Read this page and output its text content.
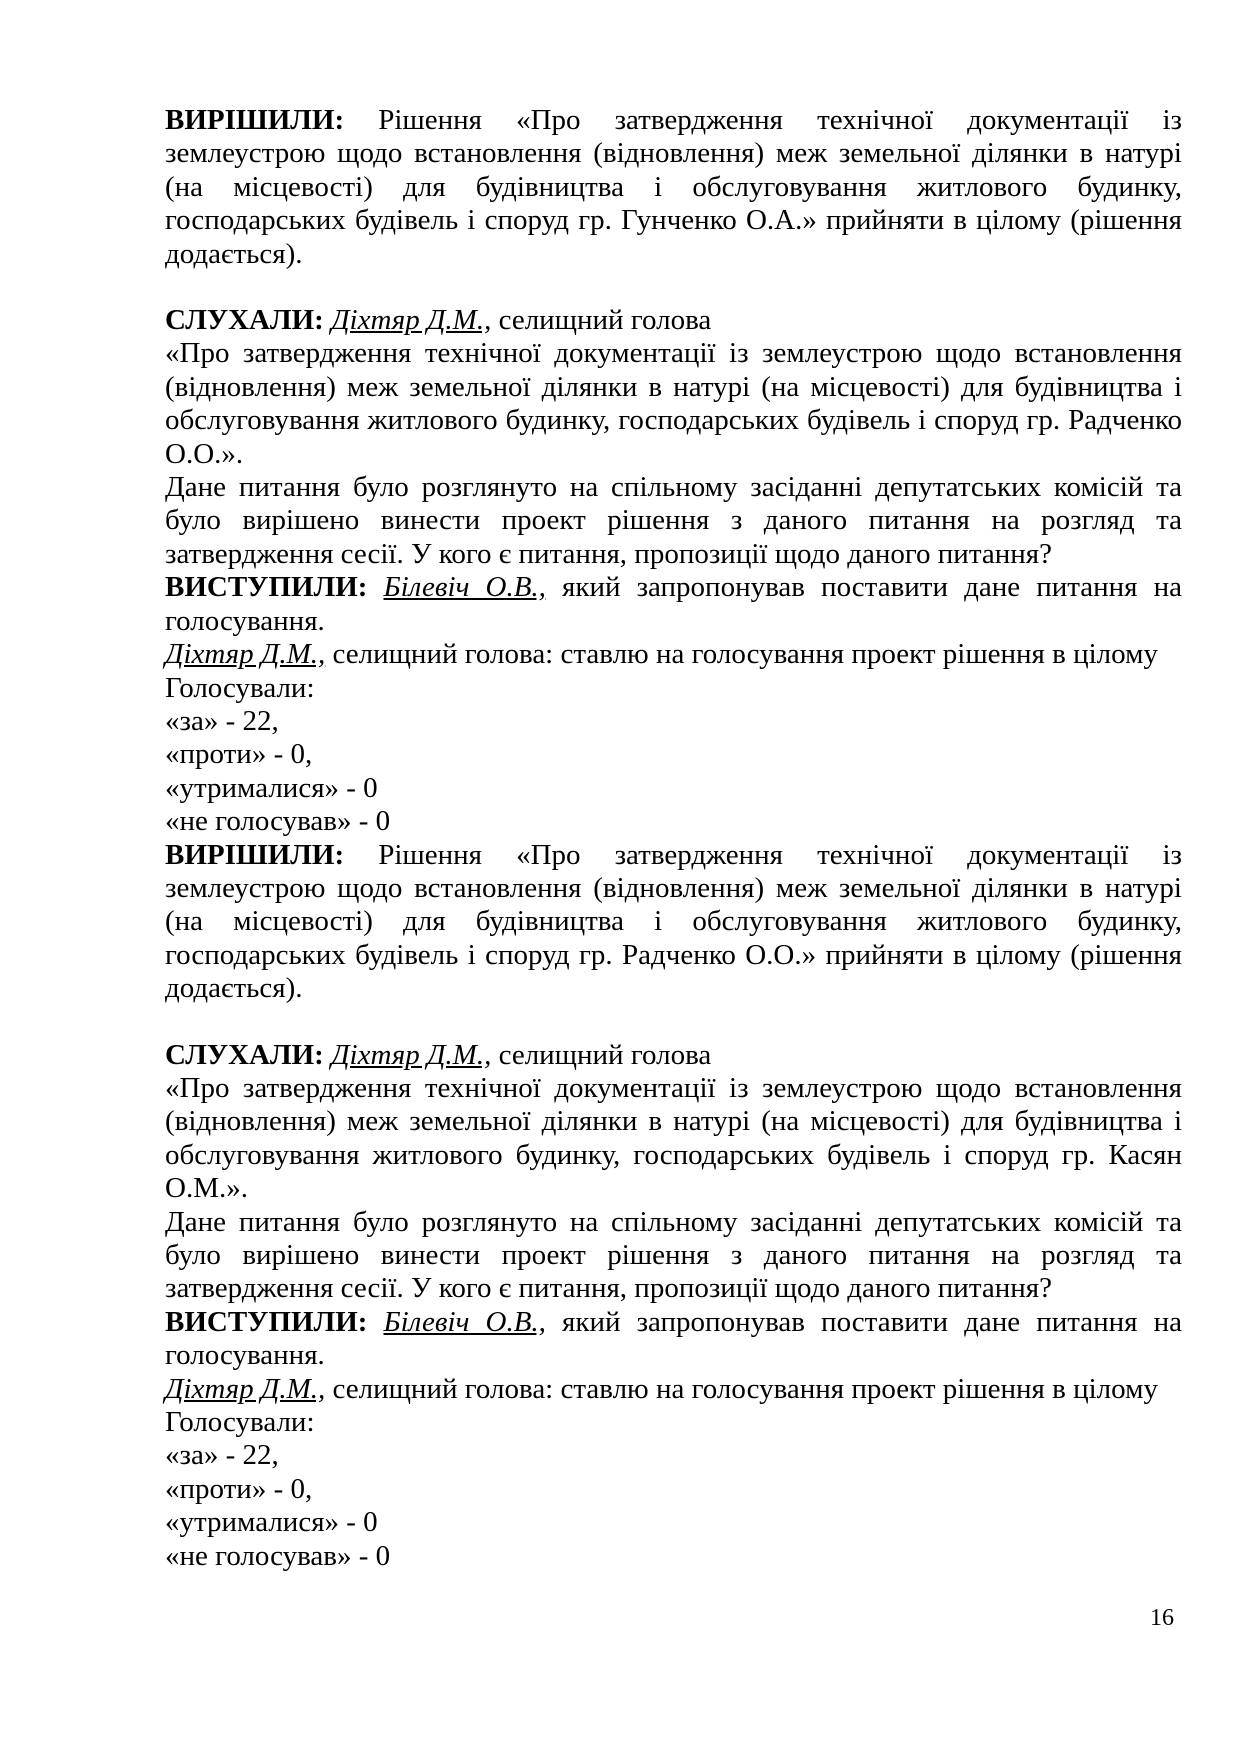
ВИРІШИЛИ: Рішення «Про затвердження технічної документації із землеустрою щодо встановлення (відновлення) меж земельної ділянки в натурі (на місцевості) для будівництва і обслуговування житлового будинку, господарських будівель і споруд гр. Гунченко О.А.» прийняти в цілому (рішення додається).

СЛУХАЛИ: Діхтяр Д.М., селищний голова

«Про затвердження технічної документації із землеустрою щодо встановлення (відновлення) меж земельної ділянки в натурі (на місцевості) для будівництва і обслуговування житлового будинку, господарських будівель і споруд гр. Радченко О.О.».

Дане питання було розглянуто на спільному засіданні депутатських комісій та було вирішено винести проект рішення з даного питання на розгляд та затвердження сесії. У кого є питання, пропозиції щодо даного питання?

ВИСТУПИЛИ: Білевіч О.В., який запропонував поставити дане питання на голосування.

Діхтяр Д.М., селищний голова: ставлю на голосування проект рішення в цілому

Голосували:

«за» - 22,

«проти» - 0,

«утрималися» - 0

«не голосував» - 0

ВИРІШИЛИ: Рішення «Про затвердження технічної документації із землеустрою щодо встановлення (відновлення) меж земельної ділянки в натурі (на місцевості) для будівництва і обслуговування житлового будинку, господарських будівель і споруд гр. Радченко О.О.» прийняти в цілому (рішення додається).

СЛУХАЛИ: Діхтяр Д.М., селищний голова

«Про затвердження технічної документації із землеустрою щодо встановлення (відновлення) меж земельної ділянки в натурі (на місцевості) для будівництва і обслуговування житлового будинку, господарських будівель і споруд гр. Касян О.М.».

Дане питання було розглянуто на спільному засіданні депутатських комісій та було вирішено винести проект рішення з даного питання на розгляд та затвердження сесії. У кого є питання, пропозиції щодо даного питання?

ВИСТУПИЛИ: Білевіч О.В., який запропонував поставити дане питання на голосування.

Діхтяр Д.М., селищний голова: ставлю на голосування проект рішення в цілому

Голосували:

«за» - 22,

«проти» - 0,

«утрималися» - 0

«не голосував» - 0

16
